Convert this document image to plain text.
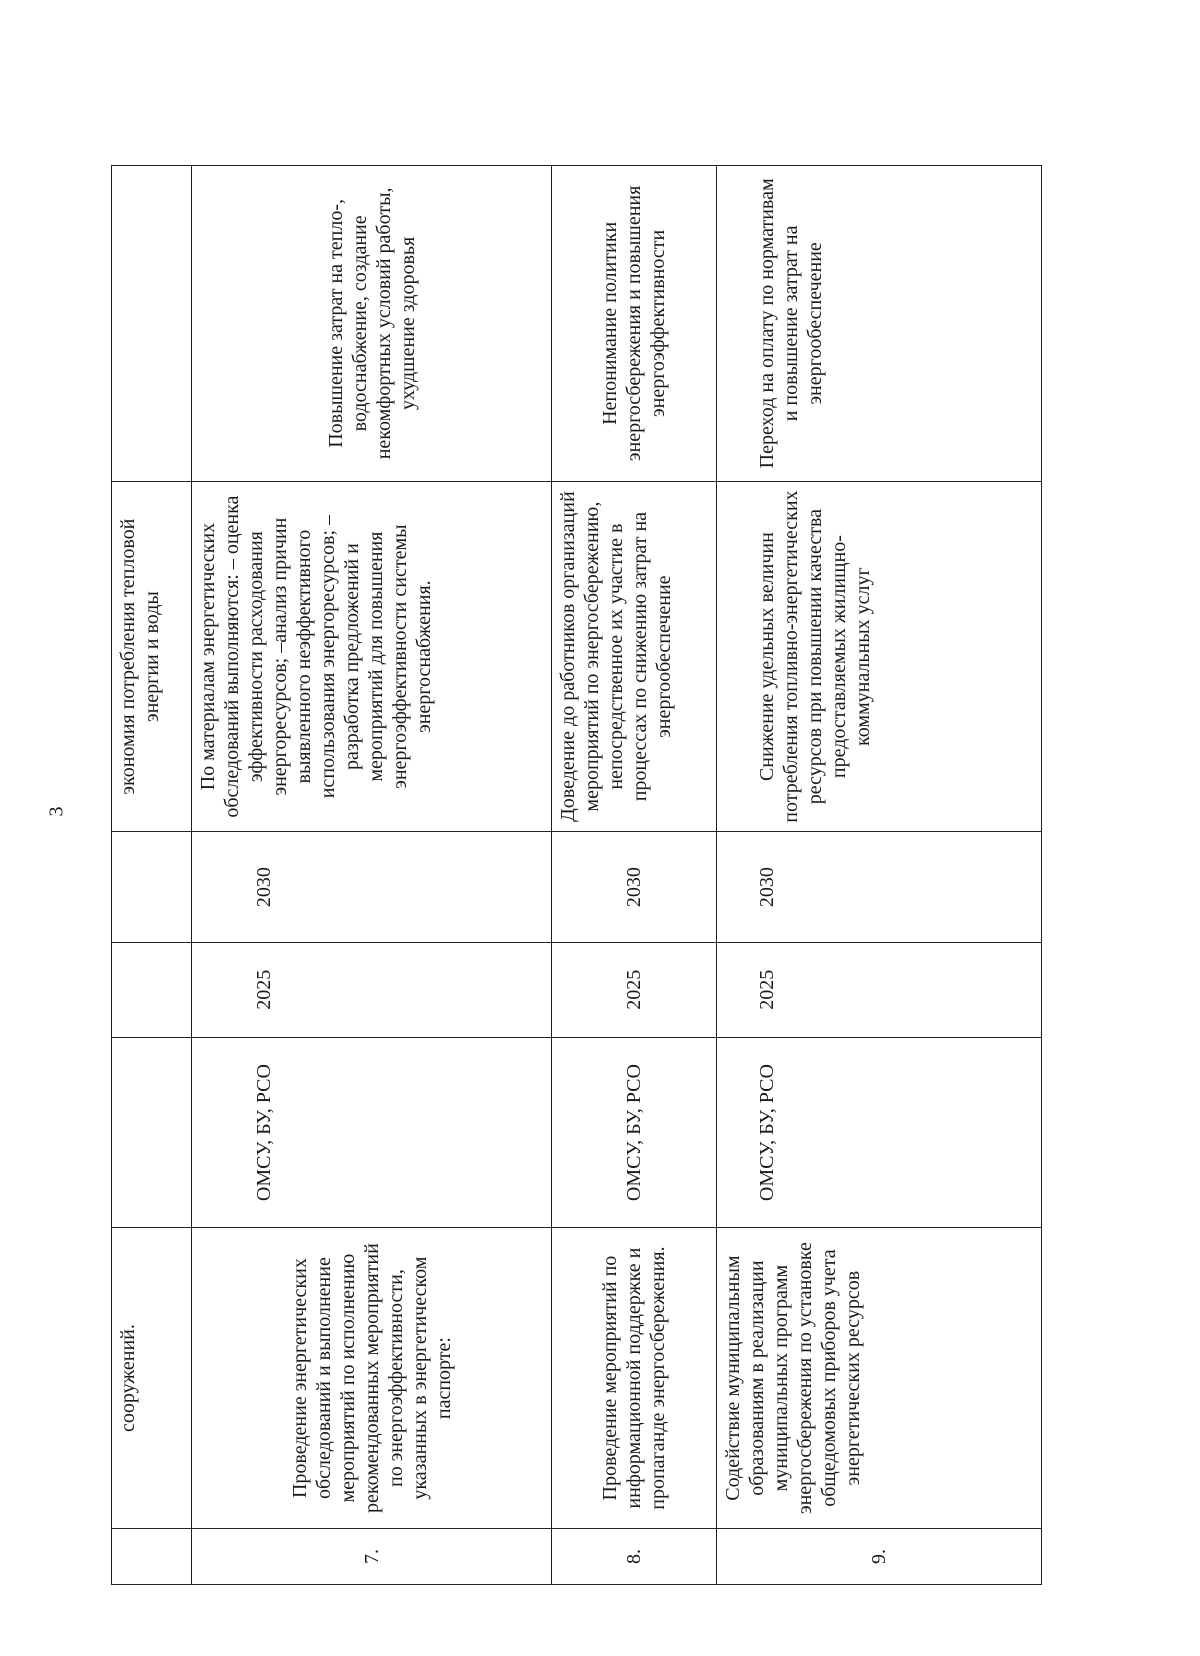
3
	сооружений.				экономия потребления тепловой энергии и воды	
7.	Проведение энергетических обследований и выполнение мероприятий по исполнению рекомендованных мероприятий по энергоэффективности, указанных в энергетическом паспорте:	ОМСУ, БУ, РСО	2025	2030	По материалам энергетических обследований выполняются: – оценка эффективности расходования энергоресурсов; –анализ причин выявленного неэффективного использования энергоресурсов; – разработка предложений и мероприятий для повышения энергоэффективности системы энергоснабжения.	Повышение затрат на тепло-, водоснабжение, создание некомфортных условий работы, ухудшение здоровья
8.	Проведение мероприятий по информационной поддержке и пропаганде энергосбережения.	ОМСУ, БУ, РСО	2025	2030	Доведение до работников организаций мероприятий по энергосбережению, непосредственное их участие в процессах по снижению затрат на энергообеспечение	Непонимание политики энергосбережения и повышения энергоэффективности
9.	Содействие муниципальным образованиям в реализации муниципальных программ энергосбережения по установке общедомовых приборов учета энергетических ресурсов	ОМСУ, БУ, РСО	2025	2030	Снижение удельных величин потребления топливно-энергетических ресурсов при повышении качества предоставляемых жилищно-коммунальных услуг	Переход на оплату по нормативам и повышение затрат на энергообеспечение
